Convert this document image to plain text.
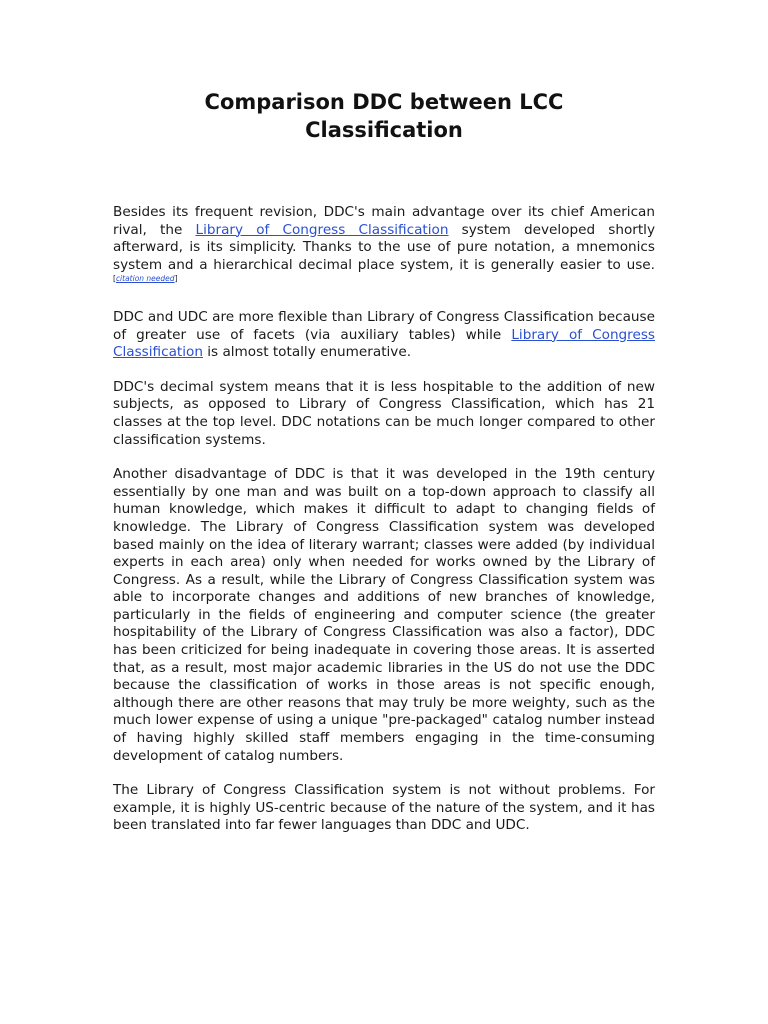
Comparison DDC between LCC
Classification

Besides its frequent revision, DDC's main advantage over its chief American rival, the Library of Congress Classification system developed shortly afterward, is its simplicity. Thanks to the use of pure notation, a mnemonics system and a hierarchical decimal place system, it is generally easier to use.[citation needed]

DDC and UDC are more flexible than Library of Congress Classification because of greater use of facets (via auxiliary tables) while Library of Congress Classification is almost totally enumerative.

DDC's decimal system means that it is less hospitable to the addition of new subjects, as opposed to Library of Congress Classification, which has 21 classes at the top level. DDC notations can be much longer compared to other classification systems.

Another disadvantage of DDC is that it was developed in the 19th century essentially by one man and was built on a top-down approach to classify all human knowledge, which makes it difficult to adapt to changing fields of knowledge. The Library of Congress Classification system was developed based mainly on the idea of literary warrant; classes were added (by individual experts in each area) only when needed for works owned by the Library of Congress. As a result, while the Library of Congress Classification system was able to incorporate changes and additions of new branches of knowledge, particularly in the fields of engineering and computer science (the greater hospitability of the Library of Congress Classification was also a factor), DDC has been criticized for being inadequate in covering those areas. It is asserted that, as a result, most major academic libraries in the US do not use the DDC because the classification of works in those areas is not specific enough, although there are other reasons that may truly be more weighty, such as the much lower expense of using a unique "pre-packaged" catalog number instead of having highly skilled staff members engaging in the time-consuming development of catalog numbers.

The Library of Congress Classification system is not without problems. For example, it is highly US-centric because of the nature of the system, and it has been translated into far fewer languages than DDC and UDC.
